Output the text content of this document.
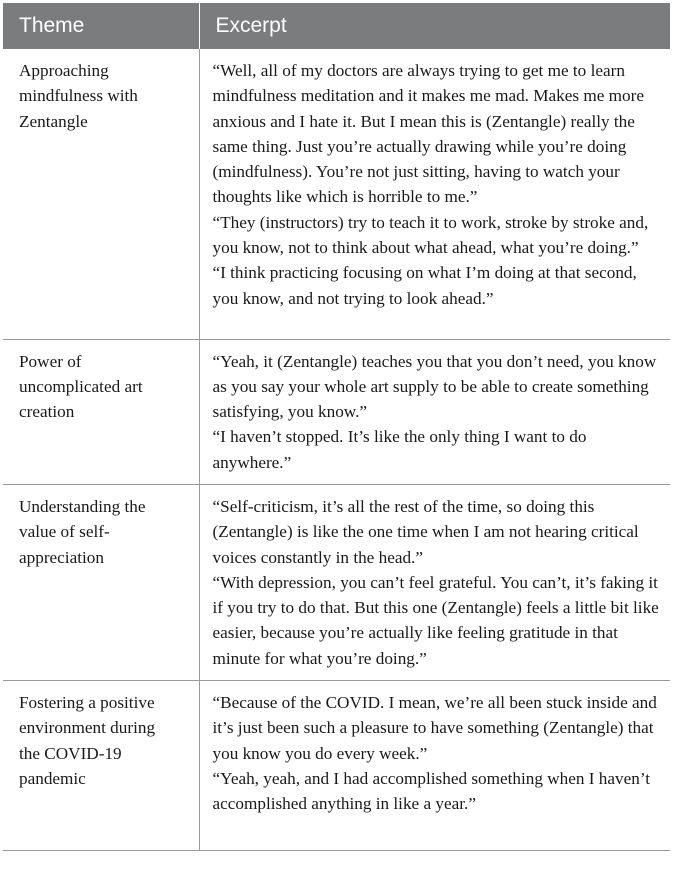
Theme	Excerpt
Approaching mindfulness with Zentangle	“Well, all of my doctors are always trying to get me to learn mindfulness meditation and it makes me mad. Makes me more anxious and I hate it. But I mean this is (Zentangle) really the same thing. Just you’re actually drawing while you’re doing (mindfulness). You’re not just sitting, having to watch your thoughts like which is horrible to me.”
“They (instructors) try to teach it to work, stroke by stroke and, you know, not to think about what ahead, what you’re doing.”
“I think practicing focusing on what I’m doing at that second, you know, and not trying to look ahead.”

Power of uncomplicated art creation	“Yeah, it (Zentangle) teaches you that you don’t need, you know as you say your whole art supply to be able to create something satisfying, you know.”
“I haven’t stopped. It’s like the only thing I want to do anywhere.”

Understanding the value of self-appreciation	“Self-criticism, it’s all the rest of the time, so doing this (Zentangle) is like the one time when I am not hearing critical voices constantly in the head.”
“With depression, you can’t feel grateful. You can’t, it’s faking it if you try to do that. But this one (Zentangle) feels a little bit like easier, because you’re actually like feeling gratitude in that minute for what you’re doing.”

Fostering a positive environment during the COVID-19 pandemic	“Because of the COVID. I mean, we’re all been stuck inside and it’s just been such a pleasure to have something (Zentangle) that you know you do every week.”
“Yeah, yeah, and I had accomplished something when I haven’t accomplished anything in like a year.”
